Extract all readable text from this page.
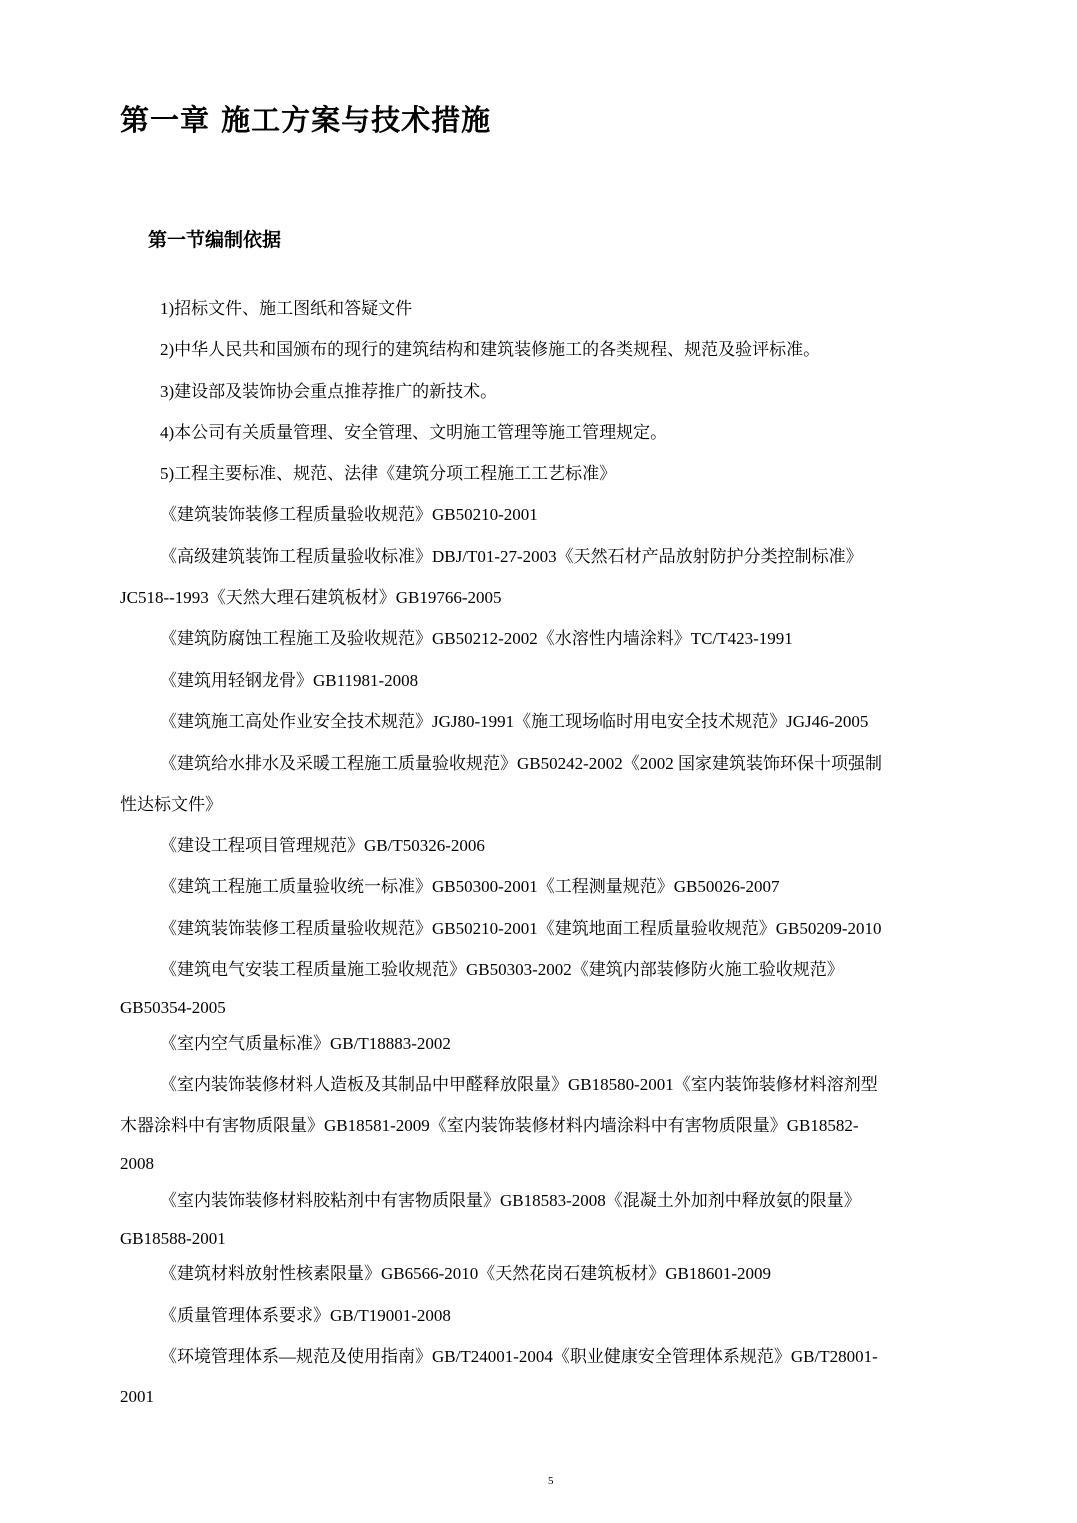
第一章 施工方案与技术措施
第一节编制依据
1)招标文件、施工图纸和答疑文件
2)中华人民共和国颁布的现行的建筑结构和建筑装修施工的各类规程、规范及验评标准。
3)建设部及装饰协会重点推荐推广的新技术。
4)本公司有关质量管理、安全管理、文明施工管理等施工管理规定。
5)工程主要标准、规范、法律《建筑分项工程施工工艺标准》
《建筑装饰装修工程质量验收规范》GB50210-2001
《高级建筑装饰工程质量验收标准》DBJ/T01-27-2003《天然石材产品放射防护分类控制标准》
JC518--1993《天然大理石建筑板材》GB19766-2005
《建筑防腐蚀工程施工及验收规范》GB50212-2002《水溶性内墙涂料》TC/T423-1991
《建筑用轻钢龙骨》GB11981-2008
《建筑施工高处作业安全技术规范》JGJ80-1991《施工现场临时用电安全技术规范》JGJ46-2005
《建筑给水排水及采暖工程施工质量验收规范》GB50242-2002《2002 国家建筑装饰环保十项强制
性达标文件》
《建设工程项目管理规范》GB/T50326-2006
《建筑工程施工质量验收统一标准》GB50300-2001《工程测量规范》GB50026-2007
《建筑装饰装修工程质量验收规范》GB50210-2001《建筑地面工程质量验收规范》GB50209-2010
《建筑电气安装工程质量施工验收规范》GB50303-2002《建筑内部装修防火施工验收规范》
GB50354-2005
《室内空气质量标准》GB/T18883-2002
《室内装饰装修材料人造板及其制品中甲醛释放限量》GB18580-2001《室内装饰装修材料溶剂型
木器涂料中有害物质限量》GB18581-2009《室内装饰装修材料内墙涂料中有害物质限量》GB18582-
2008
《室内装饰装修材料胶粘剂中有害物质限量》GB18583-2008《混凝土外加剂中释放氨的限量》
GB18588-2001
《建筑材料放射性核素限量》GB6566-2010《天然花岗石建筑板材》GB18601-2009
《质量管理体系要求》GB/T19001-2008
《环境管理体系—规范及使用指南》GB/T24001-2004《职业健康安全管理体系规范》GB/T28001-
2001
5
